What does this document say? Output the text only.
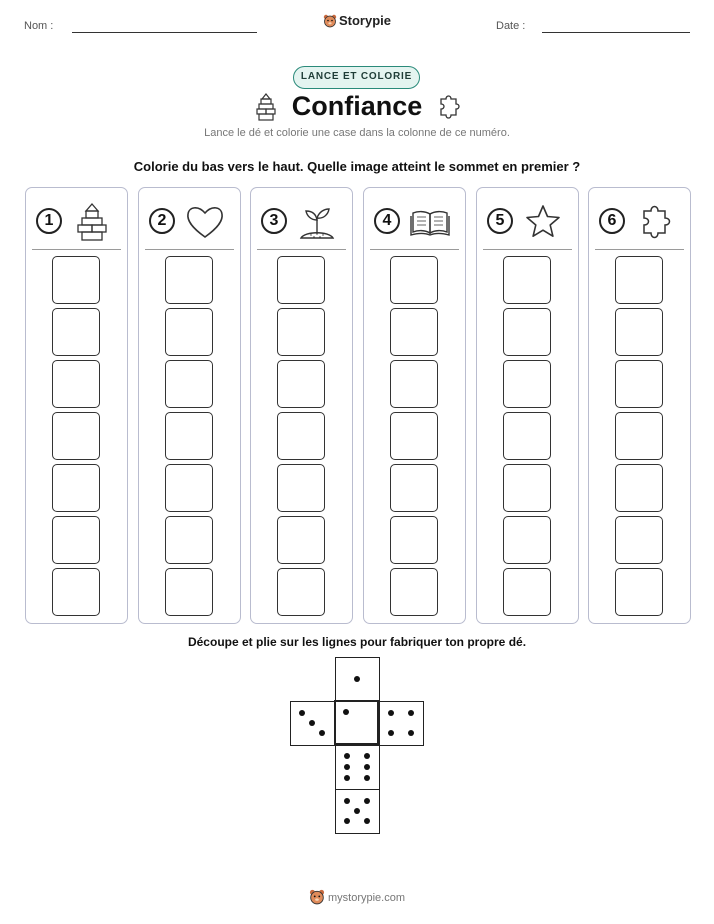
Nom :	Storypie	Date :
LANCE ET COLORIE
Confiance
Lance le dé et colorie une case dans la colonne de ce numéro.
Colorie du bas vers le haut. Quelle image atteint le sommet en premier ?
1	2	3	4	5	6
Découpe et plie sur les lignes pour fabriquer ton propre dé.
mystorypie.com
